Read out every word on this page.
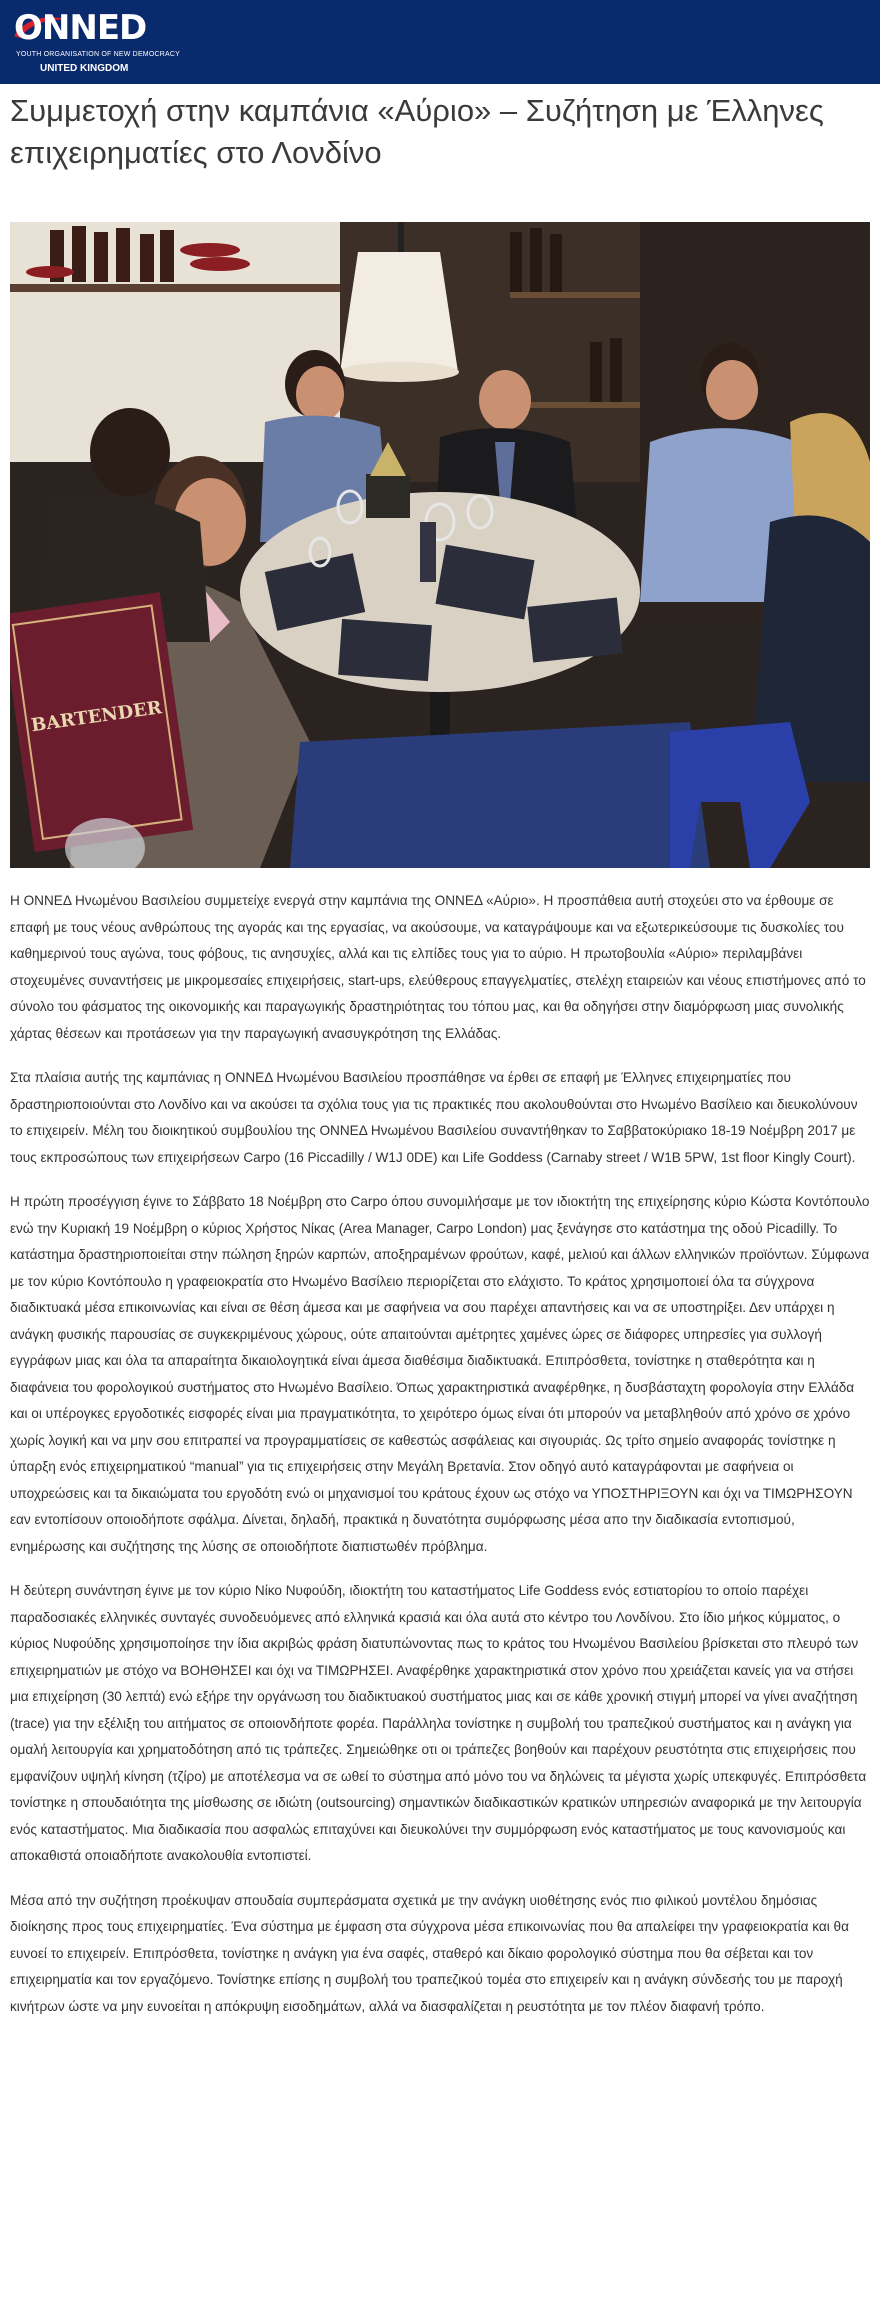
ONNED
YOUTH ORGANISATION OF NEW DEMOCRACY
UNITED KINGDOM
Συμμετοχή στην καμπάνια «Αύριο» – Συζήτηση με Έλληνες επιχειρηματίες στο Λονδίνο
BARTENDER

Η ΟΝΝΕΔ Ηνωμένου Βασιλείου συμμετείχε ενεργά στην καμπάνια της ΟΝΝΕΔ «Αύριο». Η προσπάθεια αυτή στοχεύει στο να έρθουμε σε επαφή με τους νέους ανθρώπους της αγοράς και της εργασίας, να ακούσουμε, να καταγράψουμε και να εξωτερικεύσουμε τις δυσκολίες του καθημερινού τους αγώνα, τους φόβους, τις ανησυχίες, αλλά και τις ελπίδες τους για το αύριο. Η πρωτοβουλία «Αύριο» περιλαμβάνει στοχευμένες συναντήσεις με μικρομεσαίες επιχειρήσεις, start-ups, ελεύθερους επαγγελματίες, στελέχη εταιρειών και νέους επιστήμονες από το σύνολο του φάσματος της οικονομικής και παραγωγικής δραστηριότητας του τόπου μας, και θα οδηγήσει στην διαμόρφωση μιας συνολικής χάρτας θέσεων και προτάσεων για την παραγωγική ανασυγκρότηση της Ελλάδας.

Στα πλαίσια αυτής της καμπάνιας η ΟΝΝΕΔ Ηνωμένου Βασιλείου προσπάθησε να έρθει σε επαφή με Έλληνες επιχειρηματίες που δραστηριοποιούνται στο Λονδίνο και να ακούσει τα σχόλια τους για τις πρακτικές που ακολουθούνται στο Ηνωμένο Βασίλειο και διευκολύνουν το επιχειρείν. Μέλη του διοικητικού συμβουλίου της ΟΝΝΕΔ Ηνωμένου Βασιλείου συναντήθηκαν το Σαββατοκύριακο 18-19 Νοέμβρη 2017 με τους εκπροσώπους των επιχειρήσεων Carpo (16 Piccadilly / W1J 0DE) και Life Goddess (Carnaby street / W1B 5PW, 1st floor Kingly Court).

Η πρώτη προσέγγιση έγινε το Σάββατο 18 Νοέμβρη στο Carpo όπου συνομιλήσαμε με τον ιδιοκτήτη της επιχείρησης κύριο Κώστα Κοντόπουλο ενώ την Κυριακή 19 Νοέμβρη ο κύριος Χρήστος Νίκας (Area Manager, Carpo London) μας ξενάγησε στο κατάστημα της οδού Picadilly. Το κατάστημα δραστηριοποιείται στην πώληση ξηρών καρπών, αποξηραμένων φρούτων, καφέ, μελιού και άλλων ελληνικών προϊόντων. Σύμφωνα με τον κύριο Κοντόπουλο η γραφειοκρατία στο Ηνωμένο Βασίλειο περιορίζεται στο ελάχιστο. Το κράτος χρησιμοποιεί όλα τα σύγχρονα διαδικτυακά μέσα επικοινωνίας και είναι σε θέση άμεσα και με σαφήνεια να σου παρέχει απαντήσεις και να σε υποστηρίξει. Δεν υπάρχει η ανάγκη φυσικής παρουσίας σε συγκεκριμένους χώρους, ούτε απαιτούνται αμέτρητες χαμένες ώρες σε διάφορες υπηρεσίες για συλλογή εγγράφων μιας και όλα τα απαραίτητα δικαιολογητικά είναι άμεσα διαθέσιμα διαδικτυακά. Επιπρόσθετα, τονίστηκε η σταθερότητα και η διαφάνεια του φορολογικού συστήματος στο Ηνωμένο Βασίλειο. Όπως χαρακτηριστικά αναφέρθηκε, η δυσβάσταχτη φορολογία στην Ελλάδα και οι υπέρογκες εργοδοτικές εισφορές είναι μια πραγματικότητα, το χειρότερο όμως είναι ότι μπορούν να μεταβληθούν από χρόνο σε χρόνο χωρίς λογική και να μην σου επιτραπεί να προγραμματίσεις σε καθεστώς ασφάλειας και σιγουριάς. Ως τρίτο σημείο αναφοράς τονίστηκε η ύπαρξη ενός επιχειρηματικού “manual” για τις επιχειρήσεις στην Μεγάλη Βρετανία. Στον οδηγό αυτό καταγράφονται με σαφήνεια οι υποχρεώσεις και τα δικαιώματα του εργοδότη ενώ οι μηχανισμοί του κράτους έχουν ως στόχο να ΥΠΟΣΤΗΡΙΞΟΥΝ και όχι να ΤΙΜΩΡΗΣΟΥΝ εαν εντοπίσουν οποιοδήποτε σφάλμα. Δίνεται, δηλαδή, πρακτικά η δυνατότητα συμόρφωσης μέσα απο την διαδικασία εντοπισμού, ενημέρωσης και συζήτησης της λύσης σε οποιοδήποτε διαπιστωθέν πρόβλημα.

Η δεύτερη συνάντηση έγινε με τον κύριο Νίκο Νυφούδη, ιδιοκτήτη του καταστήματος Life Goddess ενός εστιατορίου το οποίο παρέχει παραδοσιακές ελληνικές συνταγές συνοδευόμενες από ελληνικά κρασιά και όλα αυτά στο κέντρο του Λονδίνου. Στο ίδιο μήκος κύμματος, ο κύριος Νυφούδης χρησιμοποίησε την ίδια ακριβώς φράση διατυπώνοντας πως το κράτος του Ηνωμένου Βασιλείου βρίσκεται στο πλευρό των επιχειρηματιών με στόχο να ΒΟΗΘΗΣΕΙ και όχι να ΤΙΜΩΡΗΣΕΙ. Αναφέρθηκε χαρακτηριστικά στον χρόνο που χρειάζεται κανείς για να στήσει μια επιχείρηση (30 λεπτά) ενώ εξήρε την οργάνωση του διαδικτυακού συστήματος μιας και σε κάθε χρονική στιγμή μπορεί να γίνει αναζήτηση (trace) για την εξέλιξη του αιτήματος σε οποιονδήποτε φορέα. Παράλληλα τονίστηκε η συμβολή του τραπεζικού συστήματος και η ανάγκη για ομαλή λειτουργία και χρηματοδότηση από τις τράπεζες. Σημειώθηκε οτι οι τράπεζες βοηθούν και παρέχουν ρευστότητα στις επιχειρήσεις που εμφανίζουν υψηλή κίνηση (τζίρο) με αποτέλεσμα να σε ωθεί το σύστημα από μόνο του να δηλώνεις τα μέγιστα χωρίς υπεκφυγές. Επιπρόσθετα τονίστηκε η σπουδαιότητα της μίσθωσης σε ιδιώτη (outsourcing) σημαντικών διαδικαστικών κρατικών υπηρεσιών αναφορικά με την λειτουργία ενός καταστήματος. Μια διαδικασία που ασφαλώς επιταχύνει και διευκολύνει την συμμόρφωση ενός καταστήματος με τους κανονισμούς και αποκαθιστά οποιαδήποτε ανακολουθία εντοπιστεί.

Μέσα από την συζήτηση προέκυψαν σπουδαία συμπεράσματα σχετικά με την ανάγκη υιοθέτησης ενός πιο φιλικού μοντέλου δημόσιας διοίκησης προς τους επιχειρηματίες. Ένα σύστημα με έμφαση στα σύγχρονα μέσα επικοινωνίας που θα απαλείφει την γραφειοκρατία και θα ευνοεί το επιχειρείν. Επιπρόσθετα, τονίστηκε η ανάγκη για ένα σαφές, σταθερό και δίκαιο φορολογικό σύστημα που θα σέβεται και τον επιχειρηματία και τον εργαζόμενο. Τονίστηκε επίσης η συμβολή του τραπεζικού τομέα στο επιχειρείν και η ανάγκη σύνδεσής του με παροχή κινήτρων ώστε να μην ευνοείται η απόκρυψη εισοδημάτων, αλλά να διασφαλίζεται η ρευστότητα με τον πλέον διαφανή τρόπο.
